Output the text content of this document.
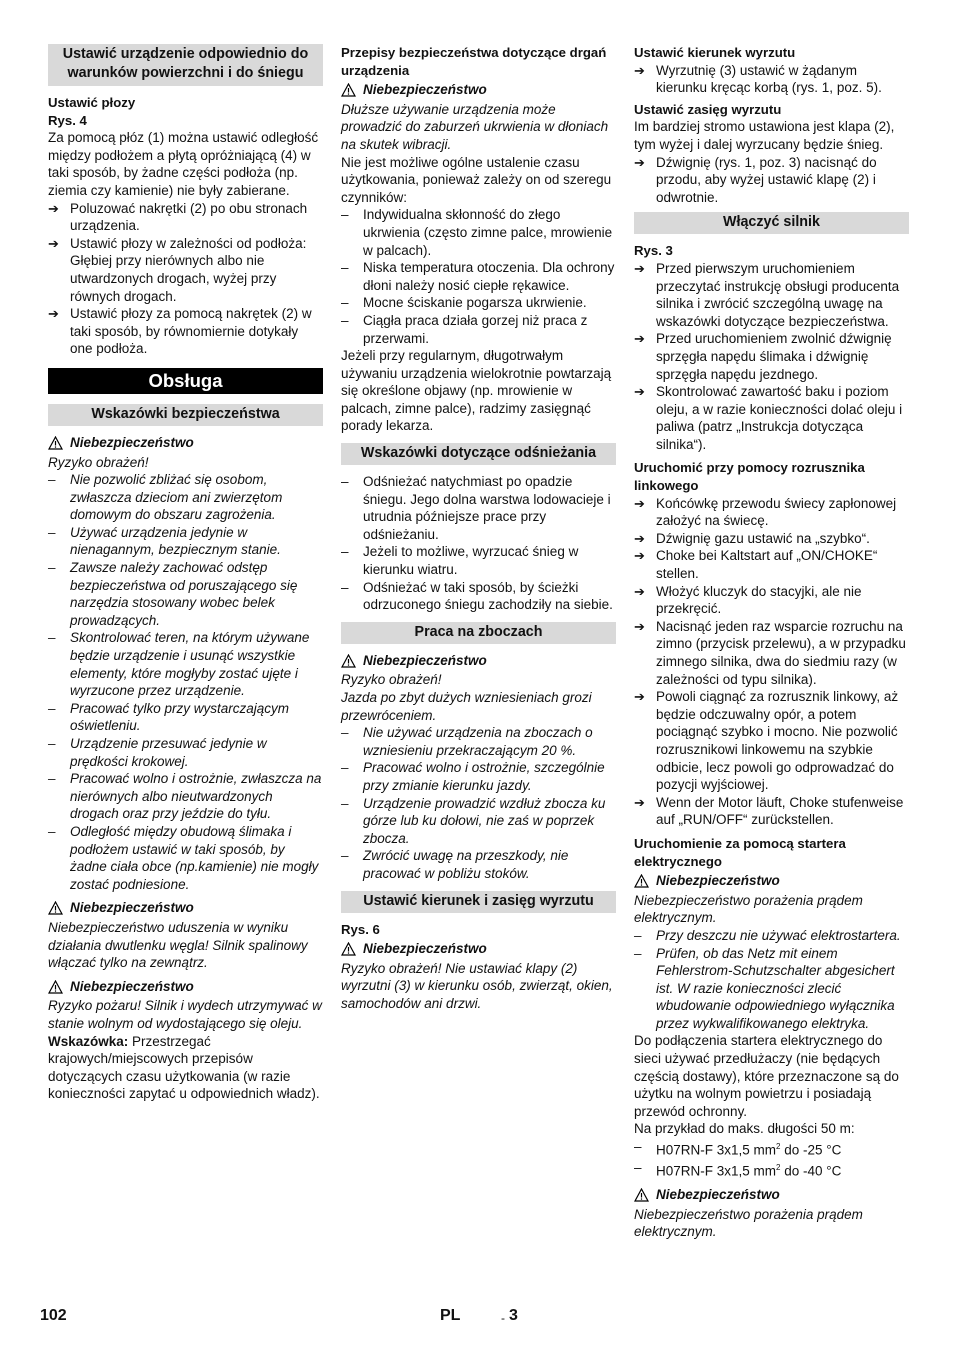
Ustawić urządzenie odpowiednio do warunków powierzchni i do śniegu
Ustawić płozy
Rys. 4
Za pomocą płóz (1) można ustawić odległość między podłożem a płytą opróżniającą (4) w taki sposób, by żadne części podłoża (np. ziemia czy kamienie) nie były zabierane.
➔ Poluzować nakrętki (2) po obu stronach urządzenia.
➔ Ustawić płozy w zależności od podłoża: Głębiej przy nierównych albo nie utwardzonych drogach, wyżej przy równych drogach.
➔ Ustawić płozy za pomocą nakrętek (2) w taki sposób, by równomiernie dotykały one podłoża.
Obsługa
Wskazówki bezpieczeństwa
Niebezpieczeństwo
Ryzyko obrażeń!
–	Nie pozwolić zbliżać się osobom, zwłaszcza dzieciom ani zwierzętom domowym do obszaru zagrożenia.
–	Używać urządzenia jedynie w nienagannym, bezpiecznym stanie.
–	Zawsze należy zachować odstęp bezpieczeństwa od poruszającego się narzędzia stosowany wobec belek prowadzących.
–	Skontrolować teren, na którym używane będzie urządzenie i usunąć wszystkie elementy, które mogłyby zostać ujęte i wyrzucone przez urządzenie.
–	Pracować tylko przy wystarczającym oświetleniu.
–	Urządzenie przesuwać jedynie w prędkości krokowej.
–	Pracować wolno i ostrożnie, zwłaszcza na nierównych albo nieutwardzonych drogach oraz przy jeździe do tyłu.
–	Odległość między obudową ślimaka i podłożem ustawić w taki sposób, by żadne ciała obce (np.kamienie) nie mogły zostać podniesione.
Niebezpieczeństwo
Niebezpieczeństwo uduszenia w wyniku działania dwutlenku węgla! Silnik spalinowy włączać tylko na zewnątrz.
Niebezpieczeństwo
Ryzyko pożaru! Silnik i wydech utrzymywać w stanie wolnym od wydostającego się oleju.
Wskazówka: Przestrzegać krajowych/miejscowych przepisów dotyczących czasu użytkowania (w razie konieczności zapytać u odpowiednich władz).
Przepisy bezpieczeństwa dotyczące drgań urządzenia
Niebezpieczeństwo
Dłuższe używanie urządzenia może prowadzić do zaburzeń ukrwienia w dłoniach na skutek wibracji.
Nie jest możliwe ogólne ustalenie czasu użytkowania, ponieważ zależy on od szeregu czynników:
–	Indywidualna skłonność do złego ukrwienia (często zimne palce, mrowienie w palcach).
–	Niska temperatura otoczenia. Dla ochrony dłoni należy nosić ciepłe rękawice.
–	Mocne ściskanie pogarsza ukrwienie.
–	Ciągła praca działa gorzej niż praca z przerwami.
Jeżeli przy regularnym, długotrwałym używaniu urządzenia wielokrotnie powtarzają się określone objawy (np. mrowienie w palcach, zimne palce), radzimy zasięgnąć porady lekarza.
Wskazówki dotyczące odśnieżania
–	Odśnieżać natychmiast po opadzie śniegu. Jego dolna warstwa lodowacieje i utrudnia późniejsze prace przy odśnieżaniu.
–	Jeżeli to możliwe, wyrzucać śnieg w kierunku wiatru.
–	Odśnieżać w taki sposób, by ścieżki odrzuconego śniegu zachodziły na siebie.
Praca na zboczach
Niebezpieczeństwo
Ryzyko obrażeń!
Jazda po zbyt dużych wzniesieniach grozi przewróceniem.
–	Nie używać urządzenia na zboczach o wzniesieniu przekraczającym 20 %.
–	Pracować wolno i ostrożnie, szczególnie przy zmianie kierunku jazdy.
–	Urządzenie prowadzić wzdłuż zbocza ku górze lub ku dołowi, nie zaś w poprzek zbocza.
–	Zwrócić uwagę na przeszkody, nie pracować w pobliżu stoków.
Ustawić kierunek i zasięg wyrzutu
Rys. 6
Niebezpieczeństwo
Ryzyko obrażeń! Nie ustawiać klapy (2) wyrzutni (3) w kierunku osób, zwierząt, okien, samochodów ani drzwi.
Ustawić kierunek wyrzutu
➔ Wyrzutnię (3) ustawić w żądanym kierunku kręcąc korbą (rys. 1, poz. 5).
Ustawić zasięg wyrzutu
Im bardziej stromo ustawiona jest klapa (2), tym wyżej i dalej wyrzucany będzie śnieg.
➔ Dźwignię (rys. 1, poz. 3) nacisnąć do przodu, aby wyżej ustawić klapę (2) i odwrotnie.
Włączyć silnik
Rys. 3
➔ Przed pierwszym uruchomieniem przeczytać instrukcję obsługi producenta silnika i zwrócić szczególną uwagę na wskazówki dotyczące bezpieczeństwa.
➔ Przed uruchomieniem zwolnić dźwignię sprzęgła napędu ślimaka i dźwignię sprzęgła napędu jezdnego.
➔ Skontrolować zawartość baku i poziom oleju, a w razie konieczności dolać oleju i paliwa (patrz „Instrukcja dotycząca silnika“).
Uruchomić przy pomocy rozrusznika linkowego
➔ Końcówkę przewodu świecy zapłonowej założyć na świecę.
➔ Dźwignię gazu ustawić na „szybko“.
➔ Choke bei Kaltstart auf „ON/CHOKE“ stellen.
➔ Włożyć kluczyk do stacyjki, ale nie przekręcić.
➔ Nacisnąć jeden raz wsparcie rozruchu na zimno (przycisk przelewu), a w przypadku zimnego silnika, dwa do siedmiu razy (w zależności od typu silnika).
➔ Powoli ciągnąć za rozrusznik linkowy, aż będzie odczuwalny opór, a potem pociągnąć szybko i mocno. Nie pozwolić rozrusznikowi linkowemu na szybkie odbicie, lecz powoli go odprowadzać do pozycji wyjściowej.
➔ Wenn der Motor läuft, Choke stufenweise auf „RUN/OFF“ zurückstellen.
Uruchomienie za pomocą startera elektrycznego
Niebezpieczeństwo
Niebezpieczeństwo porażenia prądem elektrycznym.
–	Przy deszczu nie używać elektrostartera.
–	Prüfen, ob das Netz mit einem Fehlerstrom-Schutzschalter abgesichert ist. W razie konieczności zlecić wbudowanie odpowiedniego wyłącznika przez wykwalifikowanego elektryka.
Do podłączenia startera elektrycznego do sieci używać przedłużaczy (nie będących częścią dostawy), które przeznaczone są do użytku na wolnym powietrzu i posiadają przewód ochronny.
Na przykład do maks. długości 50 m:
–	H07RN-F 3x1,5 $mm^2$ do -25 °C
–	H07RN-F 3x1,5 $mm^2$ do -40 °C
Niebezpieczeństwo
Niebezpieczeństwo porażenia prądem elektrycznym.
102	PL	- 3
